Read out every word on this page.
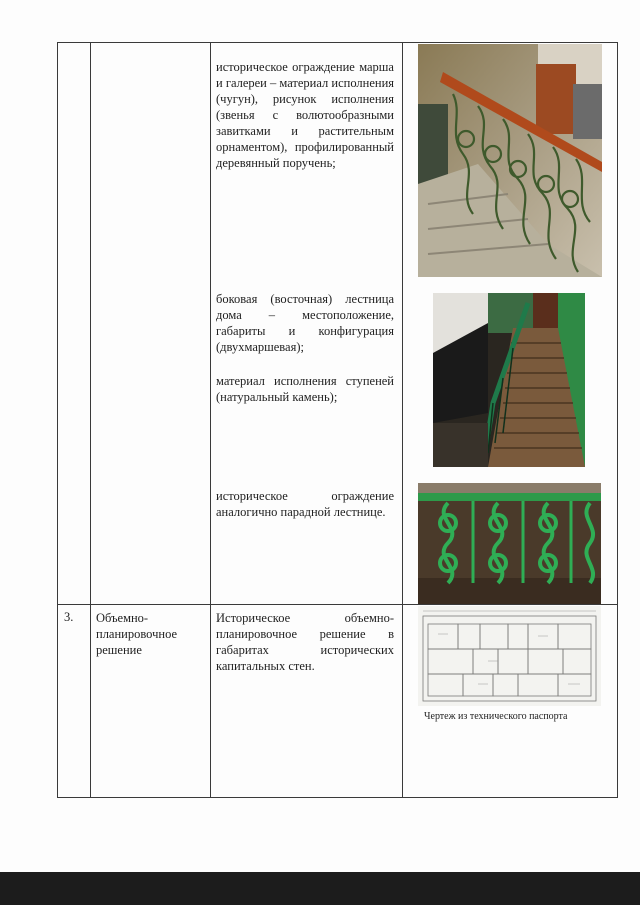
историческое ограждение марша и галереи – материал исполнения (чугун), рисунок исполнения (звенья с волютообразными завитками и растительным орнаментом), профилированный деревянный поручень;
боковая (восточная) лестница дома – местоположение, габариты и конфигурация (двухмаршевая);
материал исполнения ступеней (натуральный камень);
историческое ограждение аналогично парадной лестнице.
3. Объемно-планировочное решение
Историческое объемно-планировочное решение в габаритах исторических капитальных стен.
Чертеж из технического паспорта
